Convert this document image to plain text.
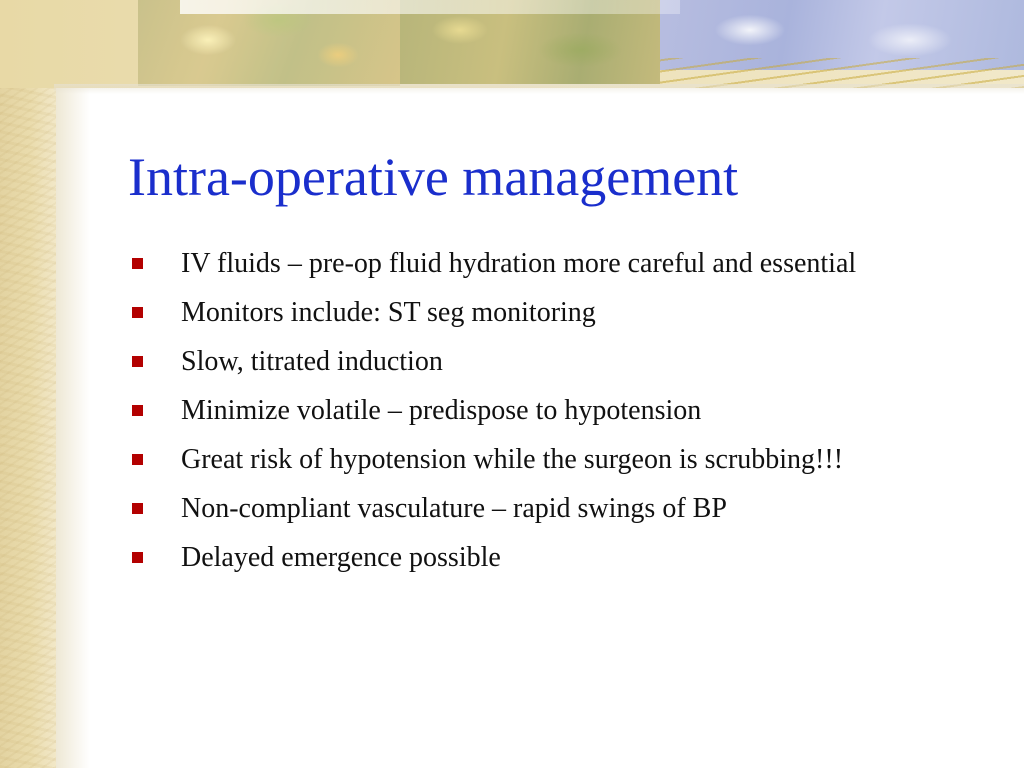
Intra-operative management
IV fluids – pre-op fluid hydration more careful and essential
Monitors include: ST seg monitoring
Slow, titrated induction
Minimize volatile – predispose to hypotension
Great risk of hypotension while the surgeon is scrubbing!!!
Non-compliant vasculature – rapid swings of BP
Delayed emergence possible
